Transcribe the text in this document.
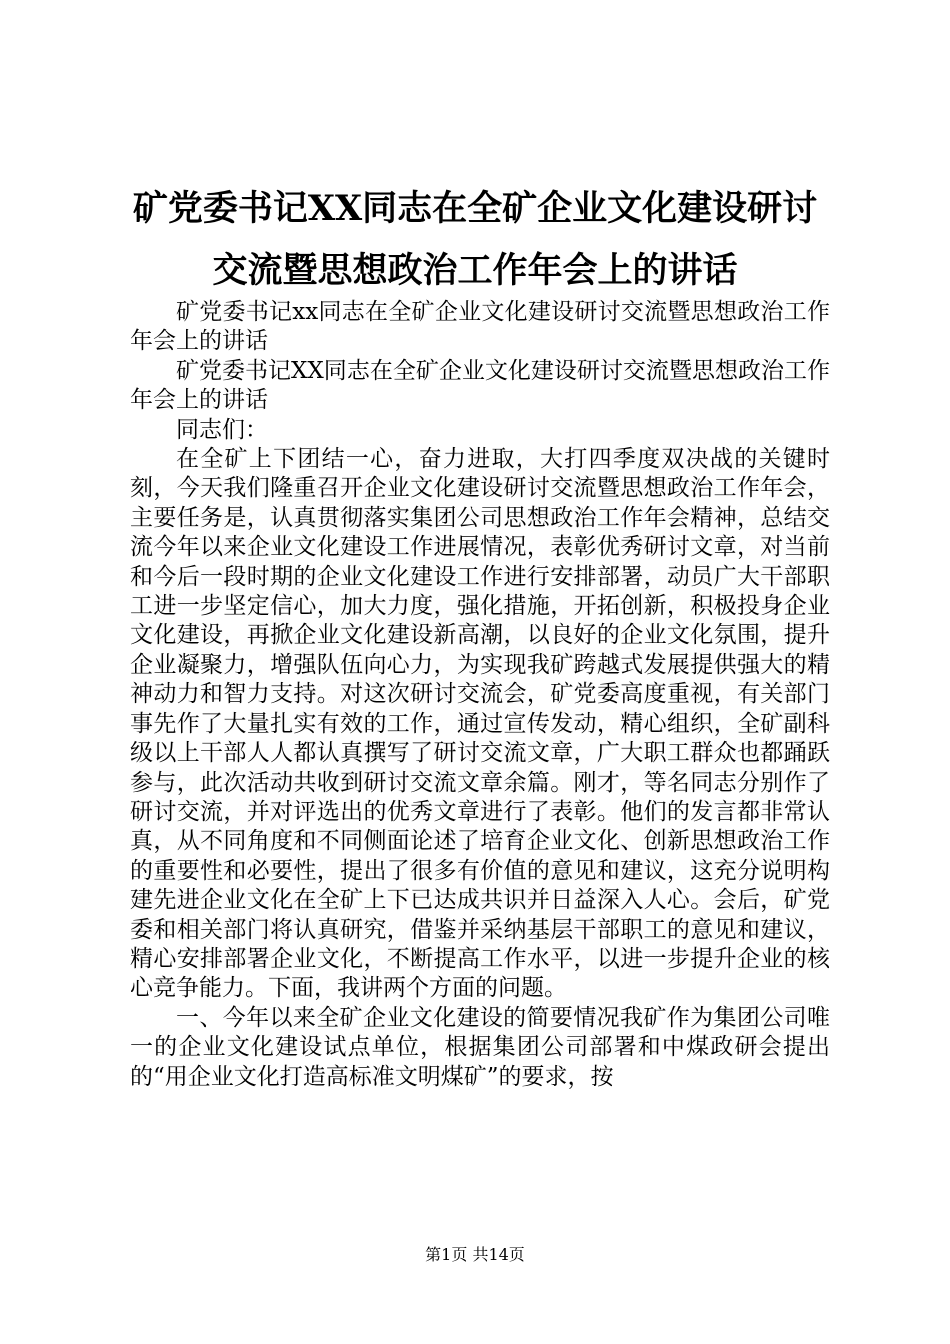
矿党委书记XX同志在全矿企业文化建设研讨
交流暨思想政治工作年会上的讲话

矿党委书记xx同志在全矿企业文化建设研讨交流暨思想政治工作年会上的讲话

矿党委书记XX同志在全矿企业文化建设研讨交流暨思想政治工作年会上的讲话

同志们：

在全矿上下团结一心，奋力进取，大打四季度双决战的关键时刻，今天我们隆重召开企业文化建设研讨交流暨思想政治工作年会，主要任务是，认真贯彻落实集团公司思想政治工作年会精神，总结交流今年以来企业文化建设工作进展情况，表彰优秀研讨文章，对当前和今后一段时期的企业文化建设工作进行安排部署，动员广大干部职工进一步坚定信心，加大力度，强化措施，开拓创新，积极投身企业文化建设，再掀企业文化建设新高潮，以良好的企业文化氛围，提升企业凝聚力，增强队伍向心力，为实现我矿跨越式发展提供强大的精神动力和智力支持。对这次研讨交流会，矿党委高度重视，有关部门事先作了大量扎实有效的工作，通过宣传发动，精心组织，全矿副科级以上干部人人都认真撰写了研讨交流文章，广大职工群众也都踊跃参与，此次活动共收到研讨交流文章余篇。刚才，等名同志分别作了研讨交流，并对评选出的优秀文章进行了表彰。他们的发言都非常认真，从不同角度和不同侧面论述了培育企业文化、创新思想政治工作的重要性和必要性，提出了很多有价值的意见和建议，这充分说明构建先进企业文化在全矿上下已达成共识并日益深入人心。会后，矿党委和相关部门将认真研究，借鉴并采纳基层干部职工的意见和建议，精心安排部署企业文化，不断提高工作水平，以进一步提升企业的核心竞争能力。下面，我讲两个方面的问题。

一、今年以来全矿企业文化建设的简要情况我矿作为集团公司唯一的企业文化建设试点单位，根据集团公司部署和中煤政研会提出的“用企业文化打造高标准文明煤矿”的要求，按

第1页 共14页
